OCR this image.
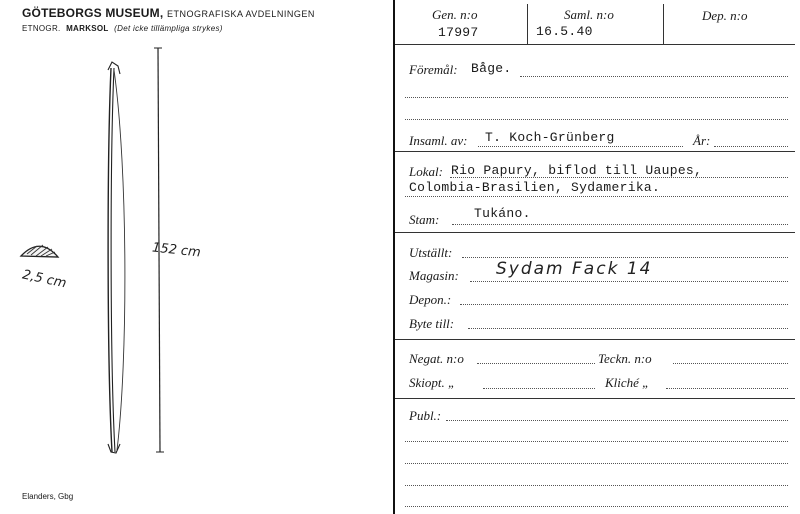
GÖTEBORGS MUSEUM, ETNOGRAFISKA AVDELNINGEN
ETNOGR. MARKSOL (Det icke tillämpliga strykes)
2,5 cm
152 cm
Elanders, Gbg
Gen. n:o
17997
Saml. n:o
16.5.40
Dep. n:o
Föremål: Båge.
Insaml. av: T. Koch-Grünberg	År:
Lokal: Rio Papury, biflod till Uaupes,
Colombia-Brasilien, Sydamerika.
Stam:	Tukáno.
Utställt:
Magasin: Sydam Fack 14
Depon.:
Byte till:
Negat. n:o	Teckn. n:o
Skiopt. „	Kliché „
Publ.:
